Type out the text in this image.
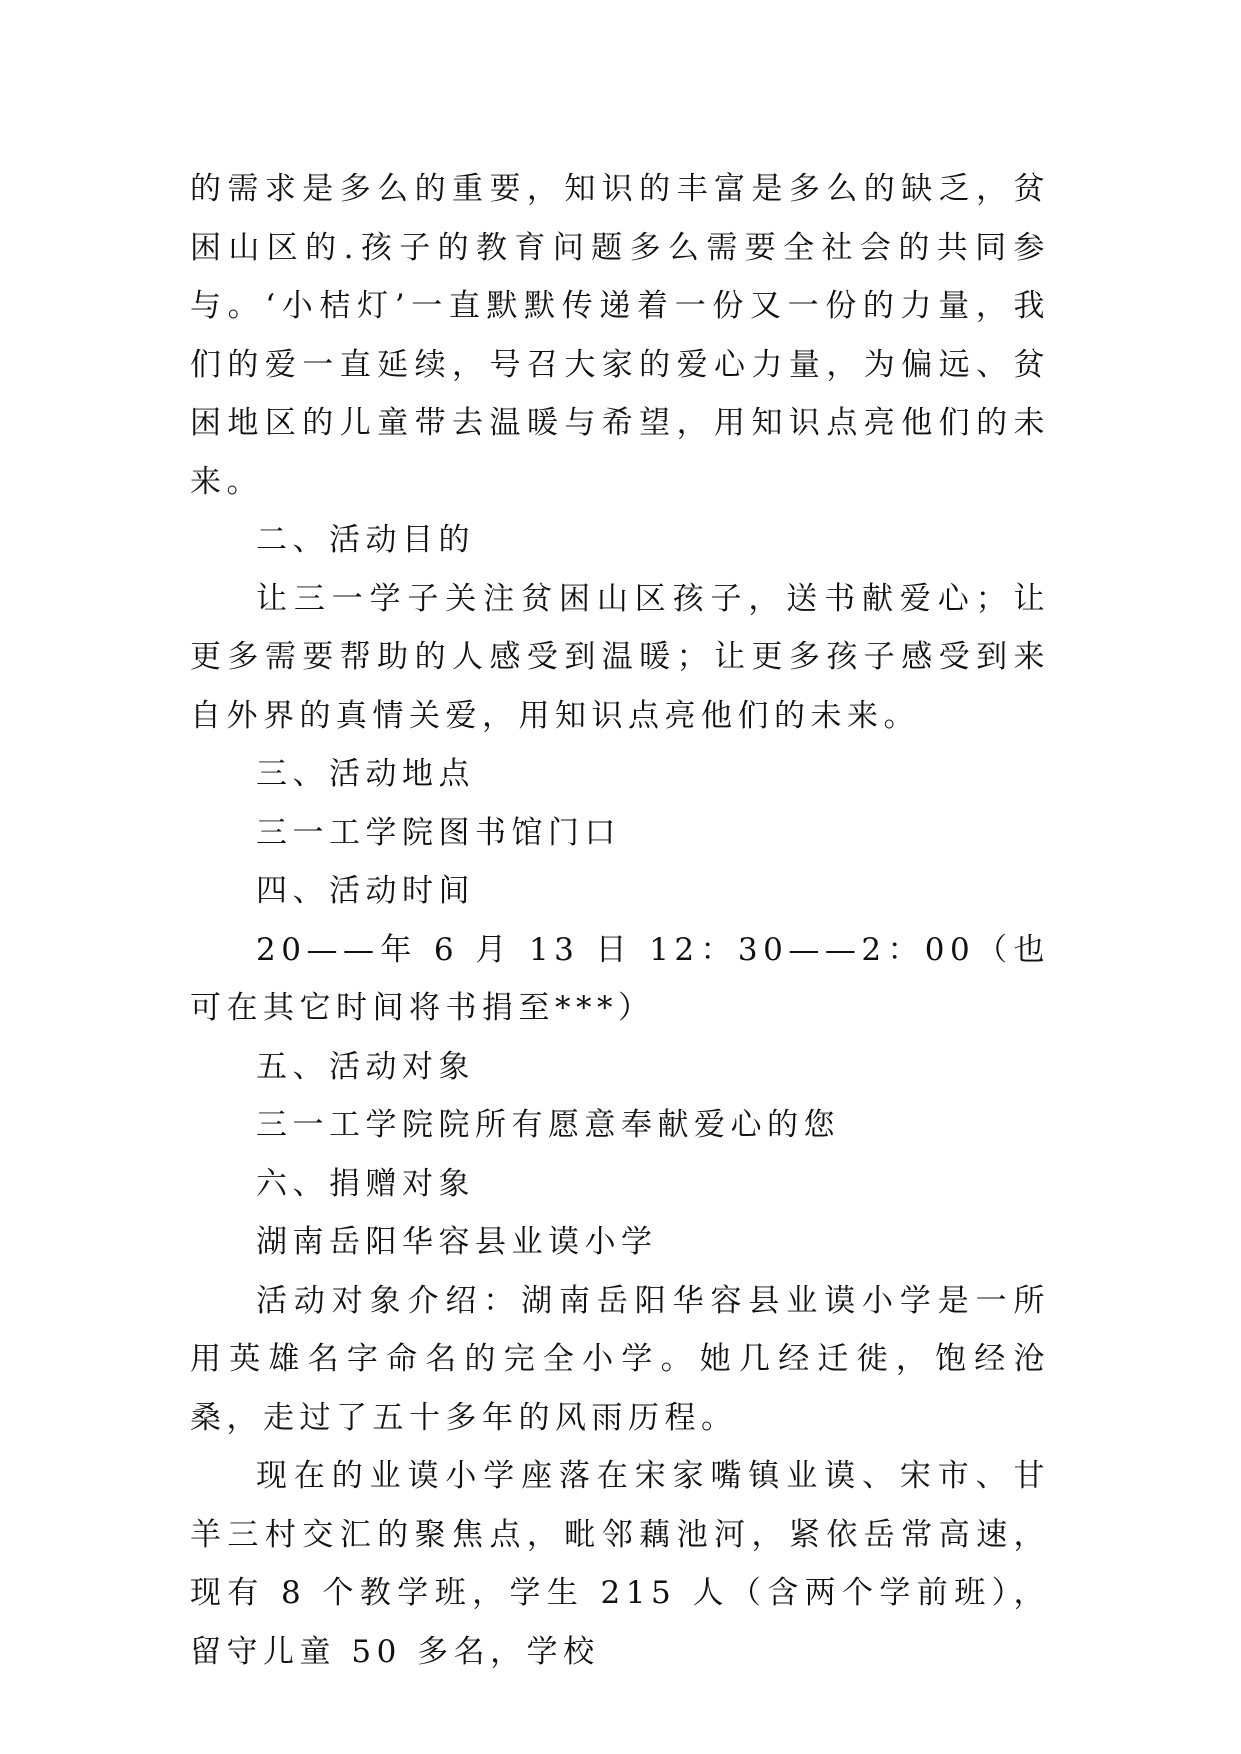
的需求是多么的重要，知识的丰富是多么的缺乏，贫困山区的.孩子的教育问题多么需要全社会的共同参与。‘小桔灯’一直默默传递着一份又一份的力量，我们的爱一直延续，号召大家的爱心力量，为偏远、贫困地区的儿童带去温暖与希望，用知识点亮他们的未来。

二、活动目的

让三一学子关注贫困山区孩子，送书献爱心；让更多需要帮助的人感受到温暖；让更多孩子感受到来自外界的真情关爱，用知识点亮他们的未来。

三、活动地点

三一工学院图书馆门口

四、活动时间

20——年 6 月 13 日 12：30——2：00（也可在其它时间将书捐至***）

五、活动对象

三一工学院院所有愿意奉献爱心的您

六、捐赠对象

湖南岳阳华容县业谟小学

活动对象介绍：湖南岳阳华容县业谟小学是一所用英雄名字命名的完全小学。她几经迁徙，饱经沧桑，走过了五十多年的风雨历程。

现在的业谟小学座落在宋家嘴镇业谟、宋市、甘羊三村交汇的聚焦点，毗邻藕池河，紧依岳常高速，现有 8 个教学班，学生 215 人（含两个学前班），留守儿童 50 多名，学校
